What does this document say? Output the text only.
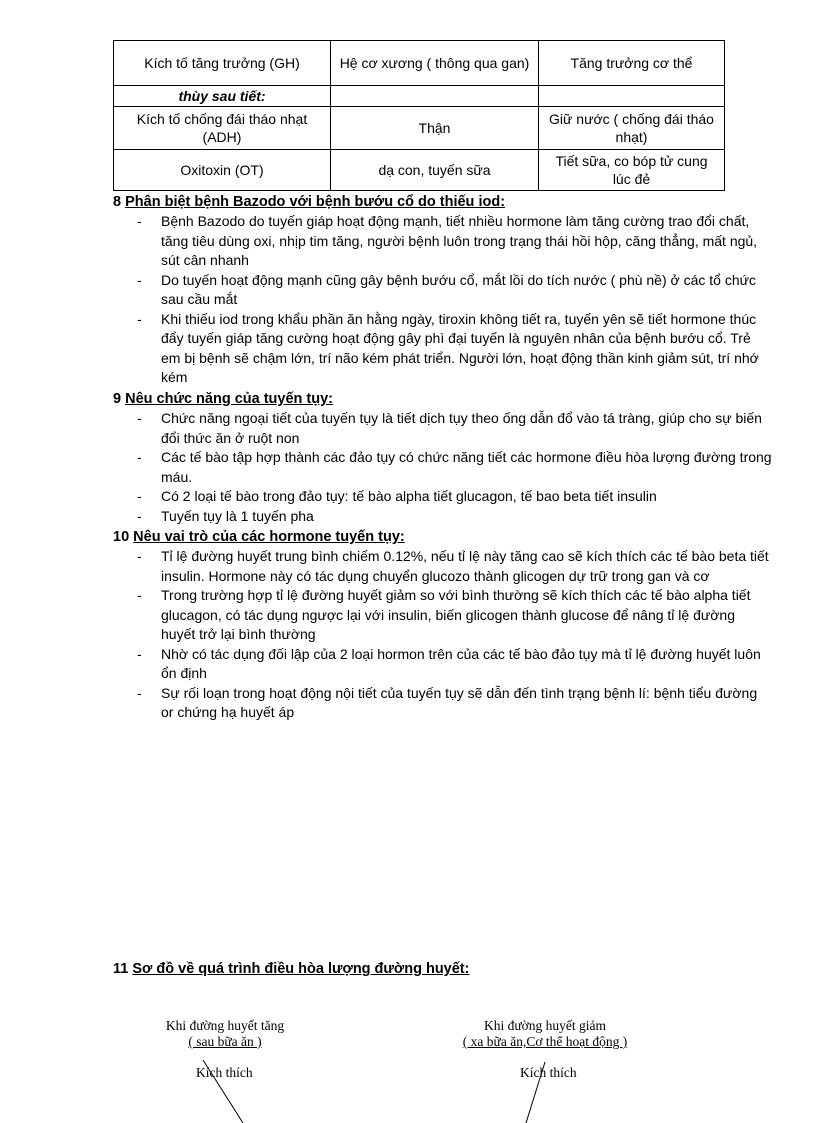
Kích tố tăng trưởng (GH)	Hệ cơ xương ( thông qua gan)	Tăng trưởng cơ thể
thùy sau tiết:		
Kích tố chống đái tháo nhạt (ADH)	Thận	Giữ nước ( chống đái tháo nhạt)
Oxitoxin (OT)	dạ con, tuyến sữa	Tiết sữa, co bóp tử cung lúc đẻ
8 Phân biệt bệnh Bazodo với bệnh bướu cổ do thiếu iod:
- Bệnh Bazodo do tuyến giáp hoạt động mạnh, tiết nhiều hormone làm tăng cường trao đổi chất, tăng tiêu dùng oxi, nhịp tim tăng, người bệnh luôn trong trạng thái hồi hộp, căng thẳng, mất ngủ, sút cân nhanh
- Do tuyến hoạt động mạnh cũng gây bệnh bướu cổ, mắt lồi do tích nước ( phù nề) ở các tổ chức sau cầu mắt
- Khi thiếu iod trong khẩu phần ăn hằng ngày, tiroxin không tiết ra, tuyến yên sẽ tiết hormone thúc đẩy tuyến giáp tăng cường hoạt động gây phì đại tuyến là nguyên nhân của bệnh bướu cổ. Trẻ em bị bệnh sẽ chậm lớn, trí não kém phát triển. Người lớn, hoạt động thần kinh giảm sút, trí nhớ kém
9 Nêu chức năng của tuyến tụy:
- Chức năng ngoại tiết của tuyến tụy là tiết dịch tụy theo ống dẫn đổ vào tá tràng, giúp cho sự biến đổi thức ăn ở ruột non
- Các tế bào tập hợp thành các đảo tụy có chức năng tiết các hormone điều hòa lượng đường trong máu.
- Có 2 loại tế bào trong đảo tụy: tế bào alpha tiết glucagon, tế bao beta tiết insulin
- Tuyến tụy là 1 tuyến pha
10 Nêu vai trò của các hormone tuyến tụy:
- Tỉ lệ đường huyết trung bình chiếm 0.12%, nếu tỉ lệ này tăng cao sẽ kích thích các tế bào beta tiết insulin. Hormone này có tác dụng chuyển glucozo thành glicogen dự trữ trong gan và cơ
- Trong trường hợp tỉ lệ đường huyết giảm so với bình thường sẽ kích thích các tế bào alpha tiết glucagon, có tác dụng ngược lại với insulin, biến glicogen thành glucose để nâng tỉ lệ đường huyết trở lại bình thường
- Nhờ có tác dụng đối lập của 2 loại hormon trên của các tế bào đảo tụy mà tỉ lệ đường huyết luôn ổn định
- Sự rối loạn trong hoạt động nội tiết của tuyến tụy sẽ dẫn đến tình trạng bệnh lí: bệnh tiểu đường or chứng hạ huyết áp
11 Sơ đồ về quá trình điều hòa lượng đường huyết:
Khi đường huyết tăng
( sau bữa ăn )
Kích thích
Khi đường huyết giảm
( xa bữa ăn,Cơ thể hoạt động )
Kích thích
